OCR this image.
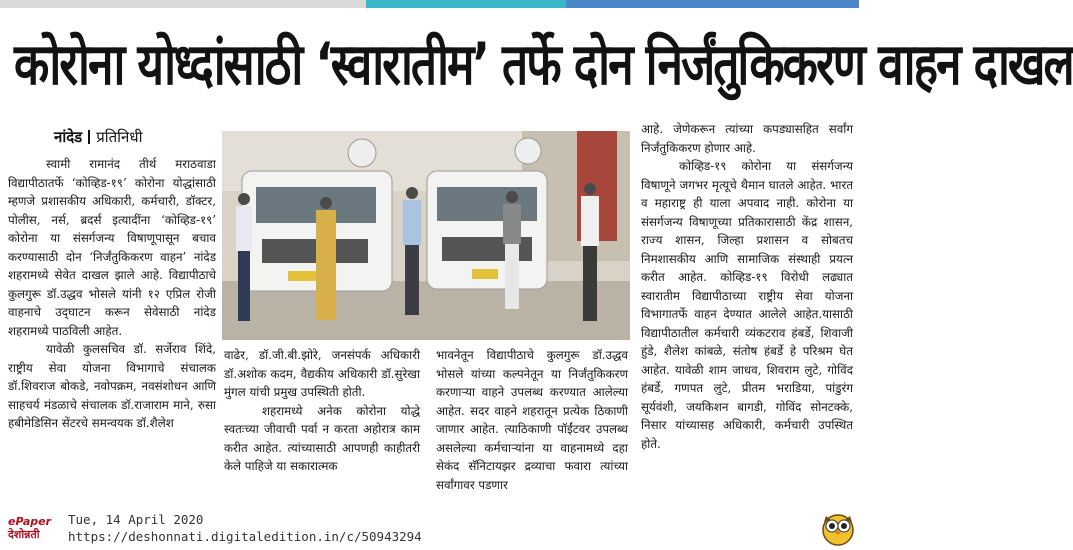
कोरोना योध्दांसाठी ‘स्वारातीम’ तर्फे दोन निर्जंतुकिकरण वाहन दाखल
नांदेड प्रतिनिधी

स्वामी रामानंद तीर्थ मराठवाडा विद्यापीठातर्फे ‘कोव्हिड-१९’ कोरोना योद्धांसाठी म्हणजे प्रशासकीय अधिकारी, कर्मचारी, डॉक्टर, पोलीस, नर्स, ब्रदर्स इत्यादींना ‘कोव्हिड-१९’ कोरोना या संसर्गजन्य विषाणूपासून बचाव करण्यासाठी दोन ‘निर्जंतुकिकरण वाहन’ नांदेड शहरामध्ये सेवेत दाखल झाले आहे. विद्यापीठाचे कुलगुरू डॉ.उद्धव भोसले यांनी १२ एप्रिल रोजी वाहनाचे उद्‌घाटन करून सेवेसाठी नांदेड शहरामध्ये पाठविली आहेत.

यावेळी कुलसचिव डॉ. सर्जेराव शिंदे, राष्ट्रीय सेवा योजना विभागाचे संचालक डॉ.शिवराज बोकडे, नवोपक्रम, नवसंशोधन आणि साहचर्य मंडळाचे संचालक डॉ.राजाराम माने, रुसा हबीमेडिसिन सेंटरचे समन्वयक डॉ.शैलेश

वाढेर, डॉ.जी.बी.झोरे, जनसंपर्क अधिकारी डॉ.अशोक कदम, वैद्यकीय अधिकारी डॉ.सुरेखा मुंगल यांची प्रमुख उपस्थिती होती.

शहरामध्ये अनेक कोरोना योद्धे स्वतःच्या जीवाची पर्वा न करता अहोरात्र काम करीत आहेत. त्यांच्यासाठी आपणही काहीतरी केले पाहिजे या सकारात्मक

भावनेतून विद्यापीठाचे कुलगुरू डॉ.उद्धव भोसले यांच्या कल्पनेतून या निर्जंतुकिकरण करणाऱ्या वाहने उपलब्ध करण्यात आलेल्या आहेत. सदर वाहने शहरातून प्रत्येक ठिकाणी जाणार आहेत. त्याठिकाणी पॉईंटवर उपलब्ध असलेल्या कर्मचाऱ्यांना या वाहनामध्ये दहा सेकंद सॅनिटायझर द्रव्याचा फवारा त्यांच्या सर्वांगावर पडणार

आहे. जेणेकरून त्यांच्या कपड्यासहित सर्वांग निर्जंतुकिकरण होणार आहे.

कोव्हिड-१९ कोरोना या संसर्गजन्य विषाणूने जगभर मृत्यूचे थैमान घातले आहेत. भारत व महाराष्ट्र ही याला अपवाद नाही. कोरोना या संसर्गजन्य विषाणूच्या प्रतिकारासाठी केंद्र शासन, राज्य शासन, जिल्हा प्रशासन व सोबतच निमशासकीय आणि सामाजिक संस्थाही प्रयत्न करीत आहेत. कोव्हिड-१९ विरोधी लढ्यात स्वारातीम विद्यापीठाच्या राष्ट्रीय सेवा योजना विभागातर्फे वाहन देण्यात आलेले आहेत.यासाठी विद्यापीठातील कर्मचारी व्यंकटराव हंबर्डे, शिवाजी हुंडे, शैलेश कांबळे, संतोष हंबर्डे हे परिश्रम घेत आहेत. यावेळी शाम जाधव, शिवराम लुटे, गोविंद हंबर्डे, गणपत लुटे, प्रीतम भराडिया, पांडुरंग सूर्यवंशी, जयकिशन बागडी, गोविंद सोनटक्के, निसार यांच्यासह अधिकारी, कर्मचारी उपस्थित होते.

ePaper
देशोन्नती
Tue, 14 April 2020
https://deshonnati.digitaledition.in/c/50943294
